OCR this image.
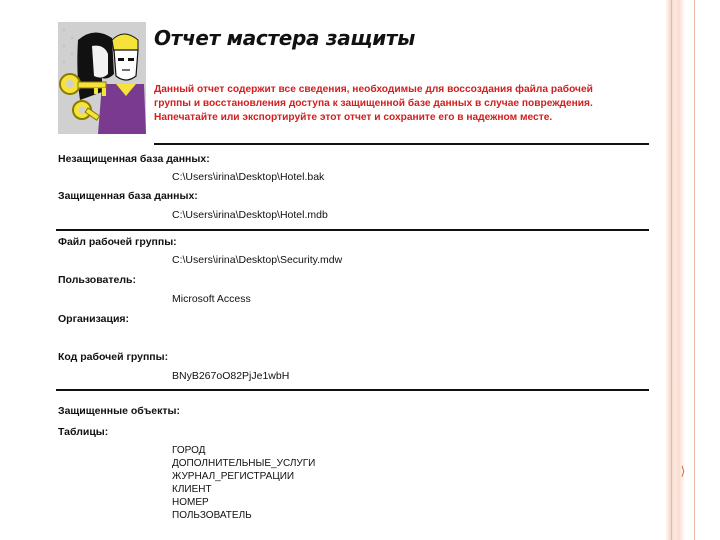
⟩
Отчет мастера защиты
Данный отчет содержит все сведения, необходимые для воссоздания файла рабочей группы и восстановления доступа к защищенной базе данных в случае повреждения. Напечатайте или экспортируйте этот отчет и сохраните его в надежном месте.
Незащищенная база данных:
C:\Users\irina\Desktop\Hotel.bak
Защищенная база данных:
C:\Users\irina\Desktop\Hotel.mdb
Файл рабочей группы:
C:\Users\irina\Desktop\Security.mdw
Пользователь:
Microsoft Access
Организация:
Код рабочей группы:
BNyB267oO82PjJe1wbH
Защищенные объекты:
Таблицы:
ГОРОД
ДОПОЛНИТЕЛЬНЫЕ_УСЛУГИ
ЖУРНАЛ_РЕГИСТРАЦИИ
КЛИЕНТ
НОМЕР
ПОЛЬЗОВАТЕЛЬ
